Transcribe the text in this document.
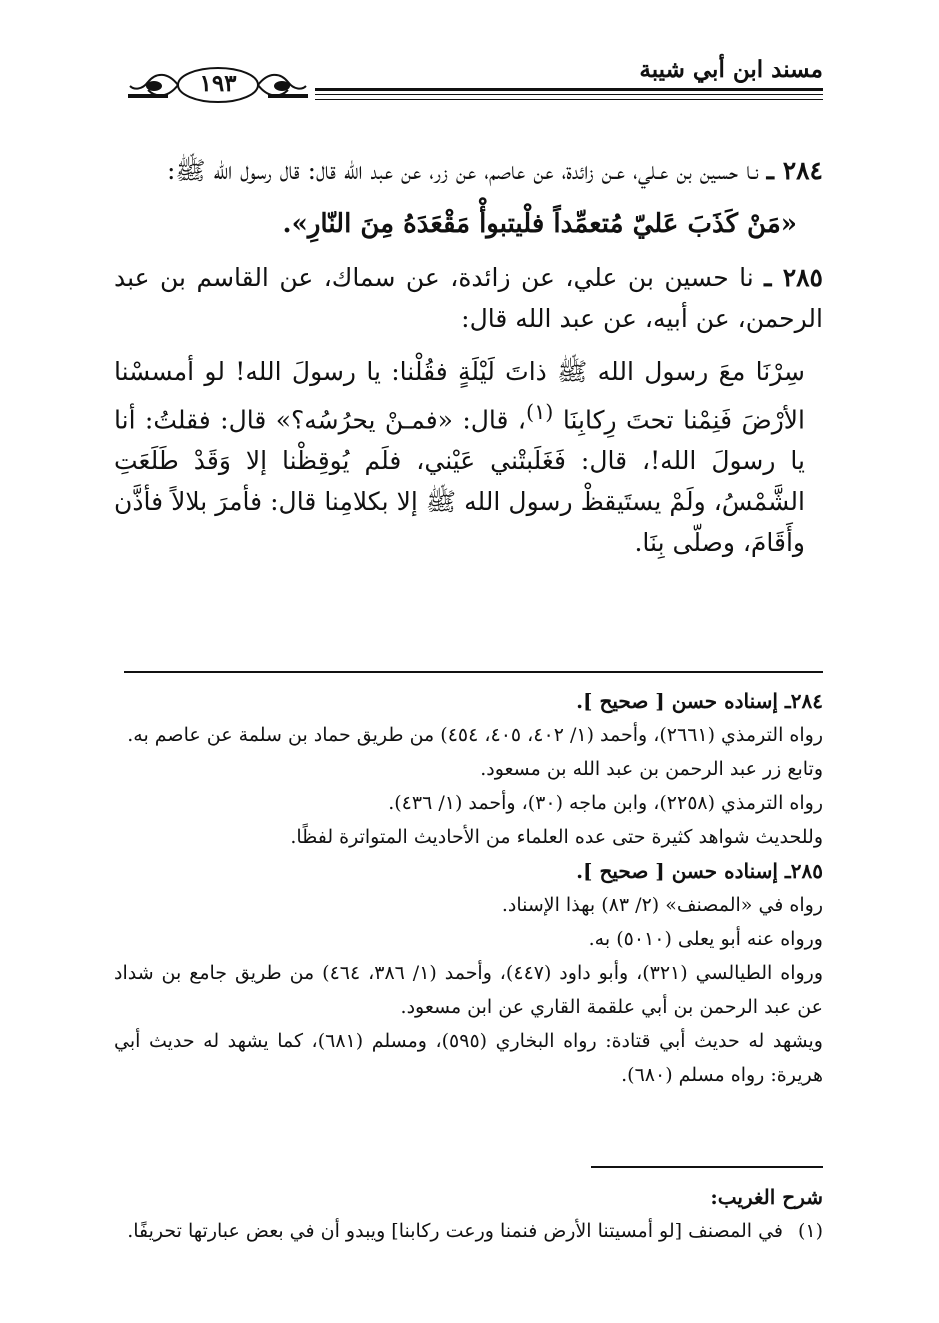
مسند ابن أبي شيبة
١٩٣

٢٨٤ ـ نـا حسين بن عـلي، عـن زائدة، عن عاصم، عن زر، عن عبد الله قال: قال رسول الله ﷺ:

«مَنْ كَذَبَ عَليّ مُتعمِّداً فلْيتبوأْ مَقْعَدَهُ مِنَ النّارِ».

٢٨٥ ـ نا حسين بن علي، عن زائدة، عن سماك، عن القاسم بن عبد الرحمن، عن أبيه، عن عبد الله قال:

سِرْنَا معَ رسول الله ﷺ ذاتَ لَيْلَةٍ فقُلْنا: يا رسولَ الله! لو أمسسْنا الأرْضَ فَنِمْنا تحتَ رِكابِنَا $^{(١)}$، قال: «فمـنْ يحرُسُه؟» قال: فقلتُ: أنا يا رسولَ الله!، قال: فَغَلَبتْني عَيْني، فلَم يُوقِظْنا إلا وَقَدْ طَلَعَتِ الشَّمْسُ، ولَمْ يستَيقظْ رسول الله ﷺ إلا بكلامِنا قال: فأمرَ بلالاً فأذَّن وأَقَامَ، وصلّى بِنَا.

٢٨٤ـ إسناده حسن [ صحيح ].

رواه الترمذي (٢٦٦١)، وأحمد (١/ ٤٠٢، ٤٠٥، ٤٥٤) من طريق حماد بن سلمة عن عاصم به.

وتابع زر عبد الرحمن بن عبد الله بن مسعود.

رواه الترمذي (٢٢٥٨)، وابن ماجه (٣٠)، وأحمد (١/ ٤٣٦).

وللحديث شواهد كثيرة حتى عده العلماء من الأحاديث المتواترة لفظًا.

٢٨٥ـ إسناده حسن [ صحيح ].

رواه في «المصنف» (٢/ ٨٣) بهذا الإسناد.

ورواه عنه أبو يعلى (٥٠١٠) به.

ورواه الطيالسي (٣٢١)، وأبو داود (٤٤٧)، وأحمد (١/ ٣٨٦، ٤٦٤) من طريق جامع بن شداد عن عبد الرحمن بن أبي علقمة القاري عن ابن مسعود.

ويشهد له حديث أبي قتادة: رواه البخاري (٥٩٥)، ومسلم (٦٨١)، كما يشهد له حديث أبي هريرة: رواه مسلم (٦٨٠).

شرح الغريب:

(١)في المصنف [لو أمسيتنا الأرض فنمنا ورعت ركابنا] ويبدو أن في بعض عبارتها تحريفًا.
